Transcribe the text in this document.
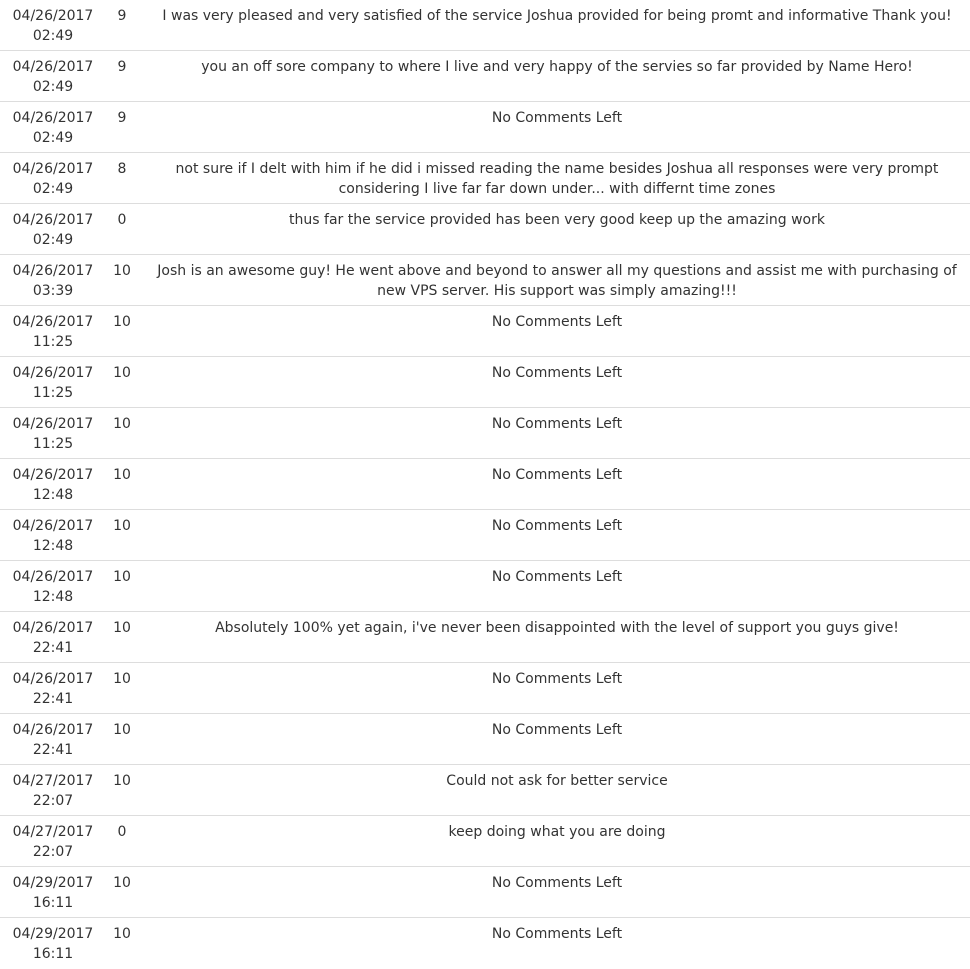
04/26/2017
02:49
9	I was very pleased and very satisfied of the service Joshua provided for being promt and informative Thank you!
04/26/2017
02:49
9	you an off sore company to where I live and very happy of the servies so far provided by Name Hero!
04/26/2017
02:49
9	No Comments Left
04/26/2017
02:49
8	not sure if I delt with him if he did i missed reading the name besides Joshua all responses were very prompt considering I live far far down under... with differnt time zones
04/26/2017
02:49
0	thus far the service provided has been very good keep up the amazing work
04/26/2017
03:39
10	Josh is an awesome guy! He went above and beyond to answer all my questions and assist me with purchasing of new VPS server. His support was simply amazing!!!
04/26/2017
11:25
10	No Comments Left
04/26/2017
11:25
10	No Comments Left
04/26/2017
11:25
10	No Comments Left
04/26/2017
12:48
10	No Comments Left
04/26/2017
12:48
10	No Comments Left
04/26/2017
12:48
10	No Comments Left
04/26/2017
22:41
10	Absolutely 100% yet again, i've never been disappointed with the level of support you guys give!
04/26/2017
22:41
10	No Comments Left
04/26/2017
22:41
10	No Comments Left
04/27/2017
22:07
10	Could not ask for better service
04/27/2017
22:07
0	keep doing what you are doing
04/29/2017
16:11
10	No Comments Left
04/29/2017
16:11
10	No Comments Left
